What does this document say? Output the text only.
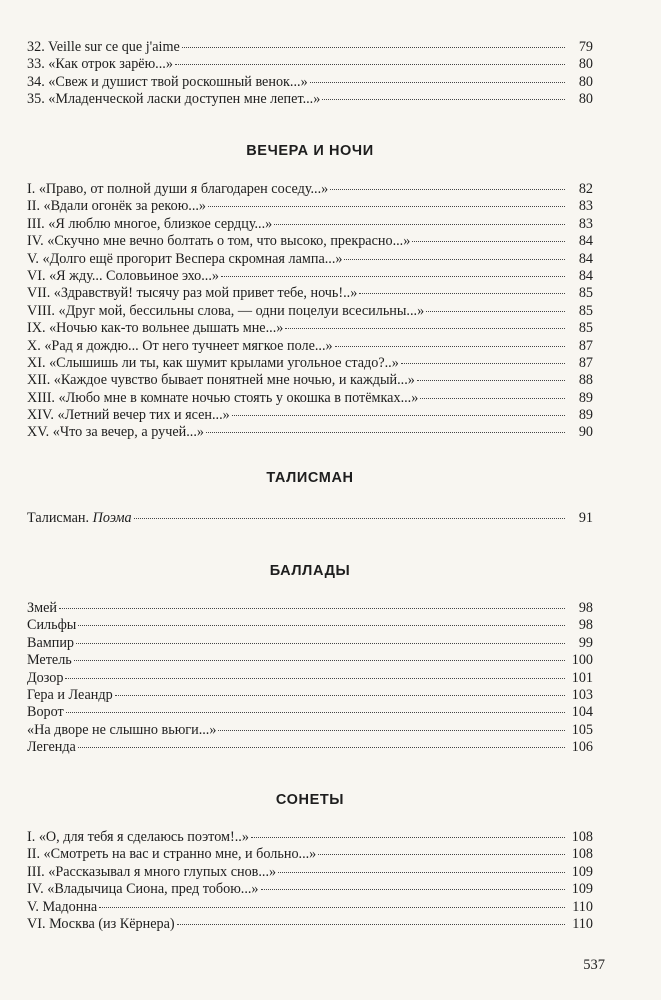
32. Veille sur ce que j'aime	79
33. «Как отрок зарёю...»	80
34. «Свеж и душист твой роскошный венок...»	80
35. «Младенческой ласки доступен мне лепет...»	80
ВЕЧЕРА И НОЧИ
I. «Право, от полной души я благодарен соседу...»	82
II. «Вдали огонёк за рекою...»	83
III. «Я люблю многое, близкое сердцу...»	83
IV. «Скучно мне вечно болтать о том, что высоко, прекрасно...»	84
V. «Долго ещё прогорит Веспера скромная лампа...»	84
VI. «Я жду... Соловьиное эхо...»	84
VII. «Здравствуй! тысячу раз мой привет тебе, ночь!..»	85
VIII. «Друг мой, бессильны слова, — одни поцелуи всесильны...»	85
IX. «Ночью как-то вольнее дышать мне...»	85
X. «Рад я дождю... От него тучнеет мягкое поле...»	87
XI. «Слышишь ли ты, как шумит крылами угольное стадо?..»	87
XII. «Каждое чувство бывает понятней мне ночью, и каждый...»	88
XIII. «Любо мне в комнате ночью стоять у окошка в потёмках...»	89
XIV. «Летний вечер тих и ясен...»	89
XV. «Что за вечер, а ручей...»	90
ТАЛИСМАН
Талисман. Поэма	91
БАЛЛАДЫ
Змей	98
Сильфы	98
Вампир	99
Метель	100
Дозор	101
Гера и Леандр	103
Ворот	104
«На дворе не слышно вьюги...»	105
Легенда	106
СОНЕТЫ
I. «О, для тебя я сделаюсь поэтом!..»	108
II. «Смотреть на вас и странно мне, и больно...»	108
III. «Рассказывал я много глупых снов...»	109
IV. «Владычица Сиона, пред тобою...»	109
V. Мадонна	110
VI. Москва (из Кёрнера)	110
537
